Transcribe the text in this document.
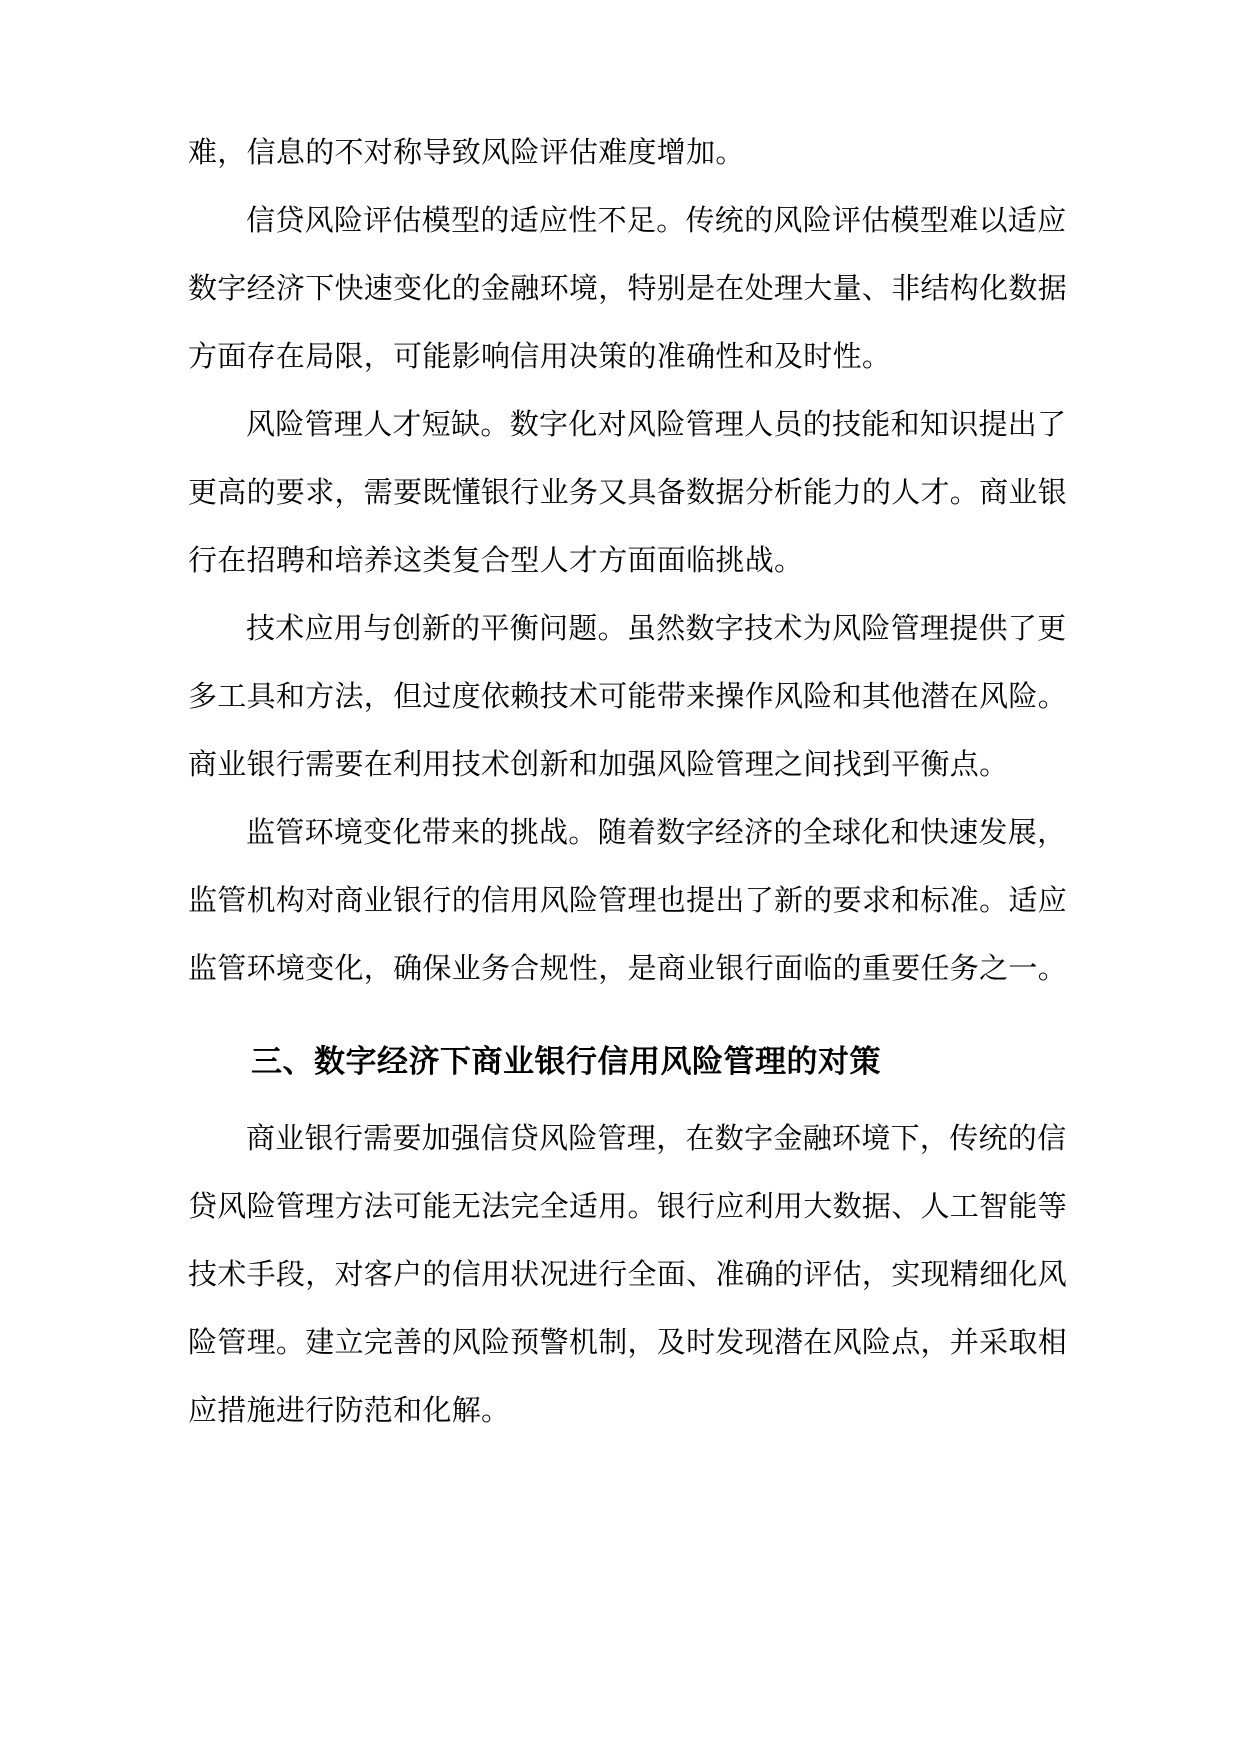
难，信息的不对称导致风险评估难度增加。
信贷风险评估模型的适应性不足。传统的风险评估模型难以适应
数字经济下快速变化的金融环境，特别是在处理大量、非结构化数据
方面存在局限，可能影响信用决策的准确性和及时性。
风险管理人才短缺。数字化对风险管理人员的技能和知识提出了
更高的要求，需要既懂银行业务又具备数据分析能力的人才。商业银
行在招聘和培养这类复合型人才方面面临挑战。
技术应用与创新的平衡问题。虽然数字技术为风险管理提供了更
多工具和方法，但过度依赖技术可能带来操作风险和其他潜在风险。
商业银行需要在利用技术创新和加强风险管理之间找到平衡点。
监管环境变化带来的挑战。随着数字经济的全球化和快速发展，
监管机构对商业银行的信用风险管理也提出了新的要求和标准。适应
监管环境变化，确保业务合规性，是商业银行面临的重要任务之一。
三、数字经济下商业银行信用风险管理的对策
商业银行需要加强信贷风险管理，在数字金融环境下，传统的信
贷风险管理方法可能无法完全适用。银行应利用大数据、人工智能等
技术手段，对客户的信用状况进行全面、准确的评估，实现精细化风
险管理。建立完善的风险预警机制，及时发现潜在风险点，并采取相
应措施进行防范和化解。
